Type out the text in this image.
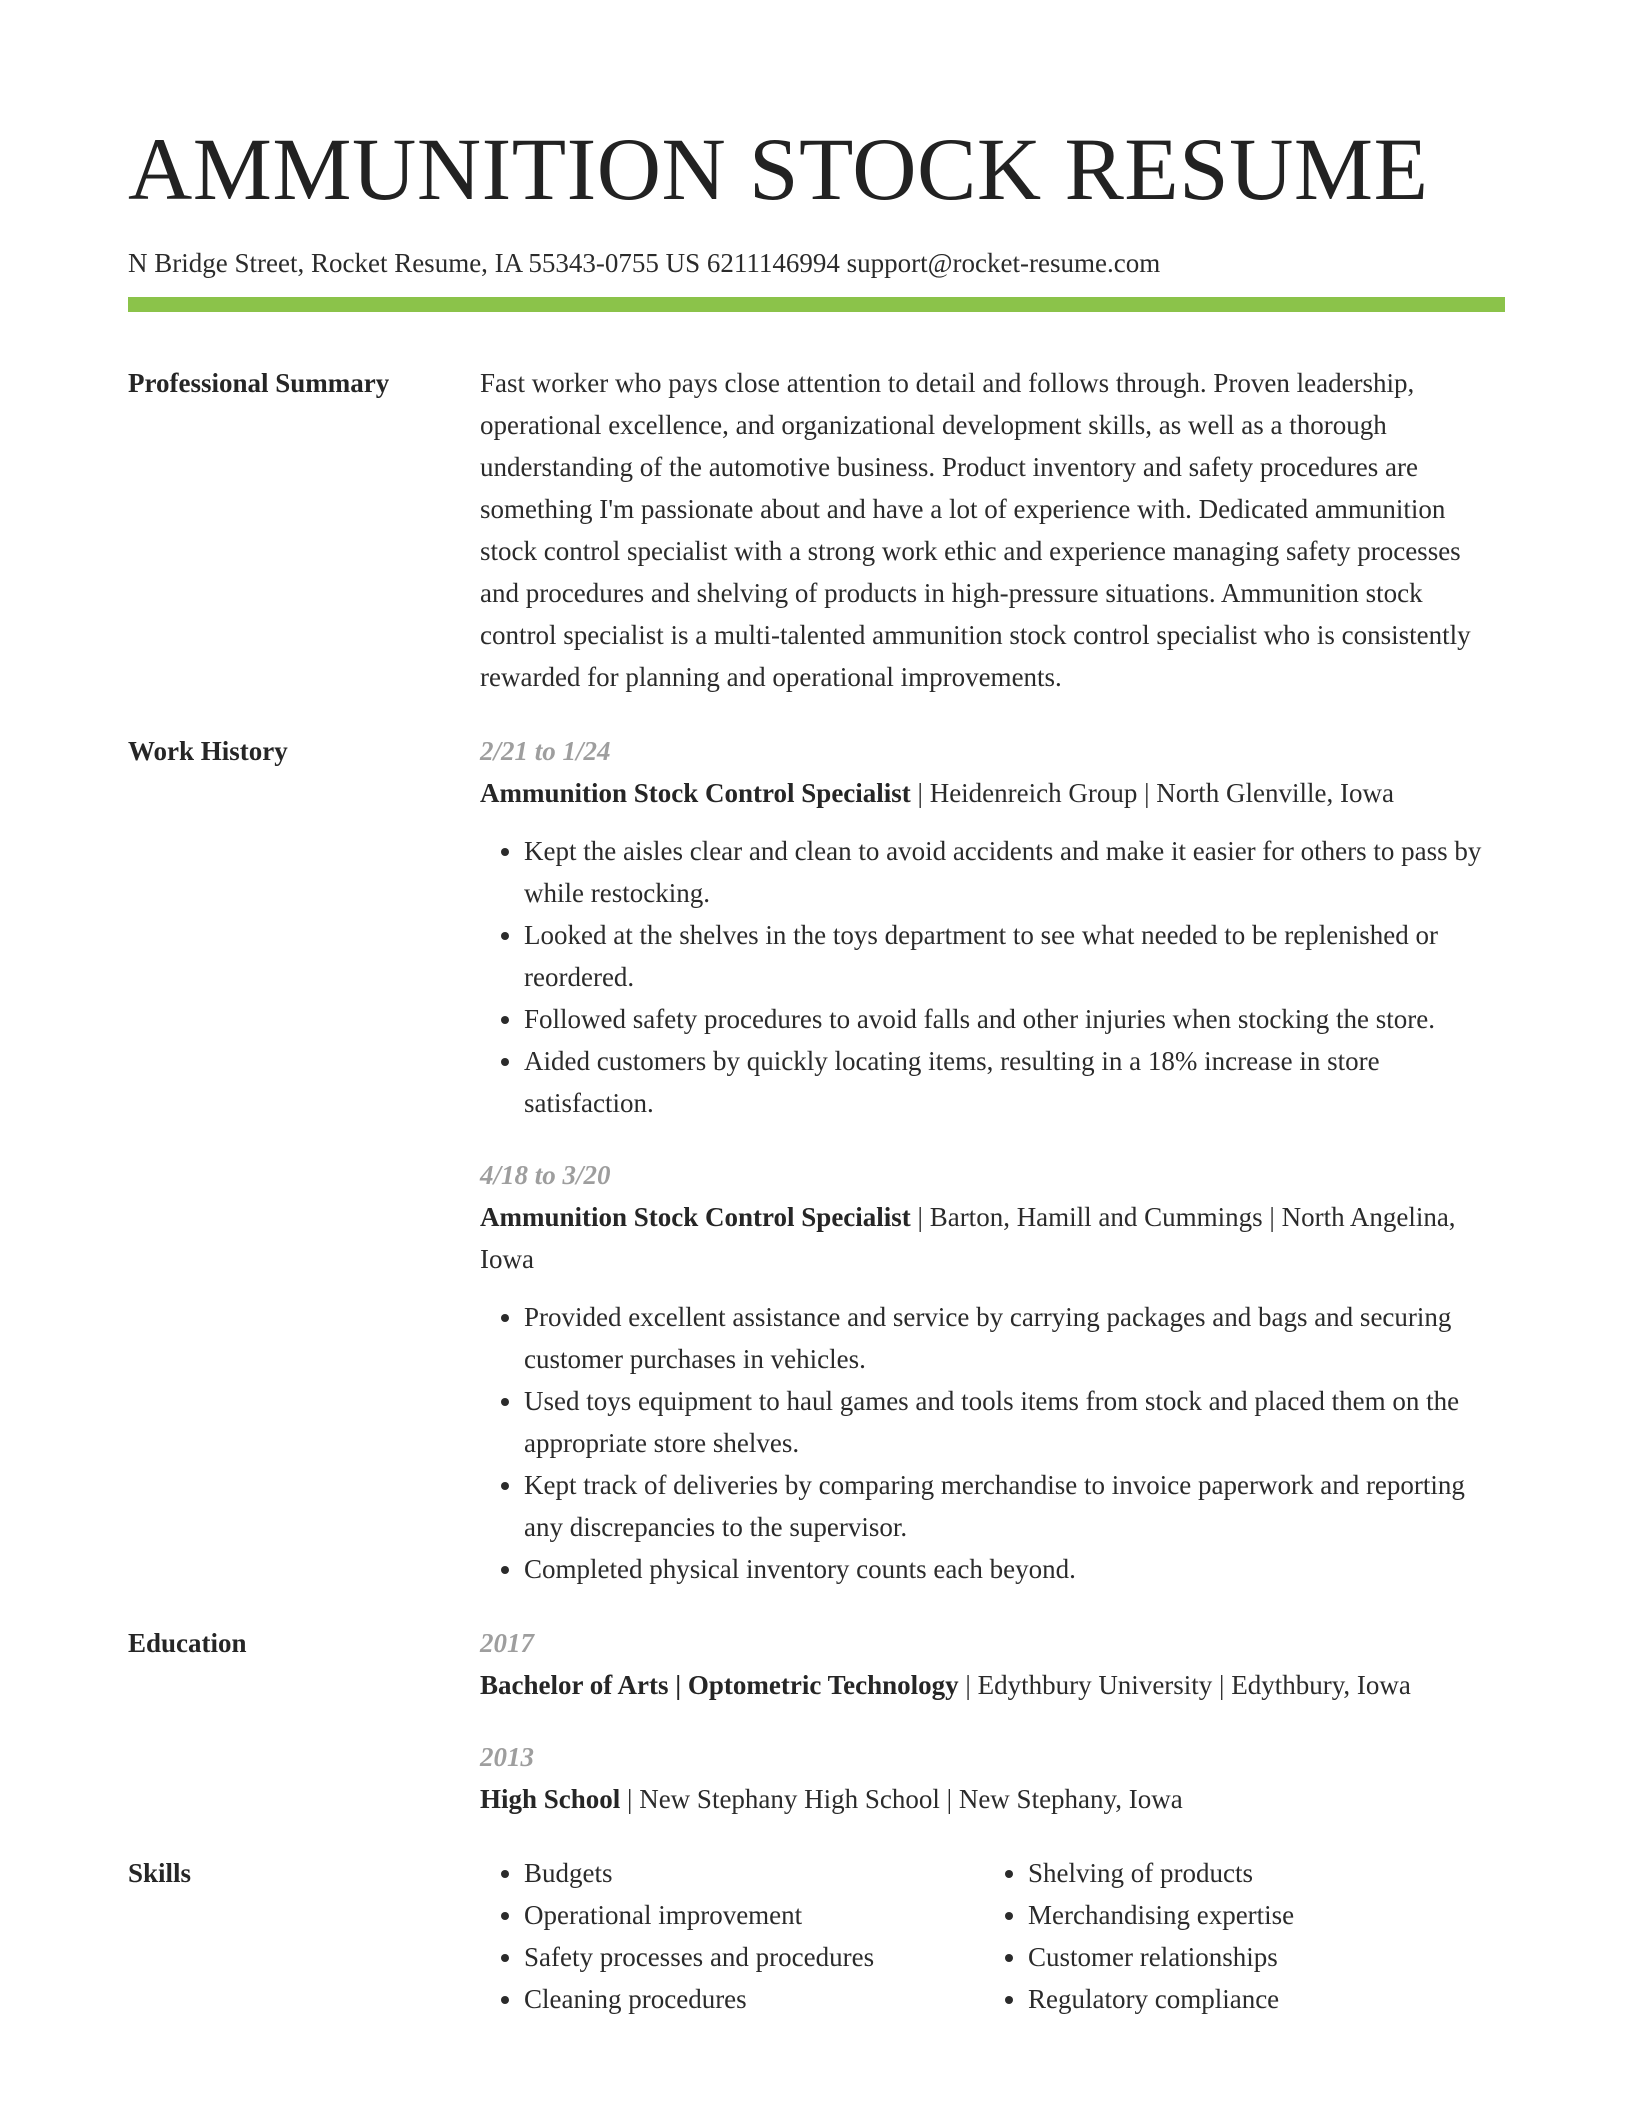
AMMUNITION STOCK RESUME
N Bridge Street, Rocket Resume, IA 55343-0755 US 6211146994 support@rocket-resume.com
Professional Summary	Fast worker who pays close attention to detail and follows through. Proven leadership, operational excellence, and organizational development skills, as well as a thorough understanding of the automotive business. Product inventory and safety procedures are something I'm passionate about and have a lot of experience with. Dedicated ammunition stock control specialist with a strong work ethic and experience managing safety processes and procedures and shelving of products in high-pressure situations. Ammunition stock control specialist is a multi-talented ammunition stock control specialist who is consistently rewarded for planning and operational improvements.
Work History	2/21 to 1/24
Ammunition Stock Control Specialist | Heidenreich Group | North Glenville, Iowa
• Kept the aisles clear and clean to avoid accidents and make it easier for others to pass by while restocking.
• Looked at the shelves in the toys department to see what needed to be replenished or reordered.
• Followed safety procedures to avoid falls and other injuries when stocking the store.
• Aided customers by quickly locating items, resulting in a 18% increase in store satisfaction.
4/18 to 3/20
Ammunition Stock Control Specialist | Barton, Hamill and Cummings | North Angelina, Iowa
• Provided excellent assistance and service by carrying packages and bags and securing customer purchases in vehicles.
• Used toys equipment to haul games and tools items from stock and placed them on the appropriate store shelves.
• Kept track of deliveries by comparing merchandise to invoice paperwork and reporting any discrepancies to the supervisor.
• Completed physical inventory counts each beyond.
Education	2017
Bachelor of Arts | Optometric Technology | Edythbury University | Edythbury, Iowa
2013
High School | New Stephany High School | New Stephany, Iowa
Skills
•	Budgets
• Operational improvement
• Safety processes and procedures
• Cleaning procedures
• Shelving of products
• Merchandising expertise
• Customer relationships
• Regulatory compliance
